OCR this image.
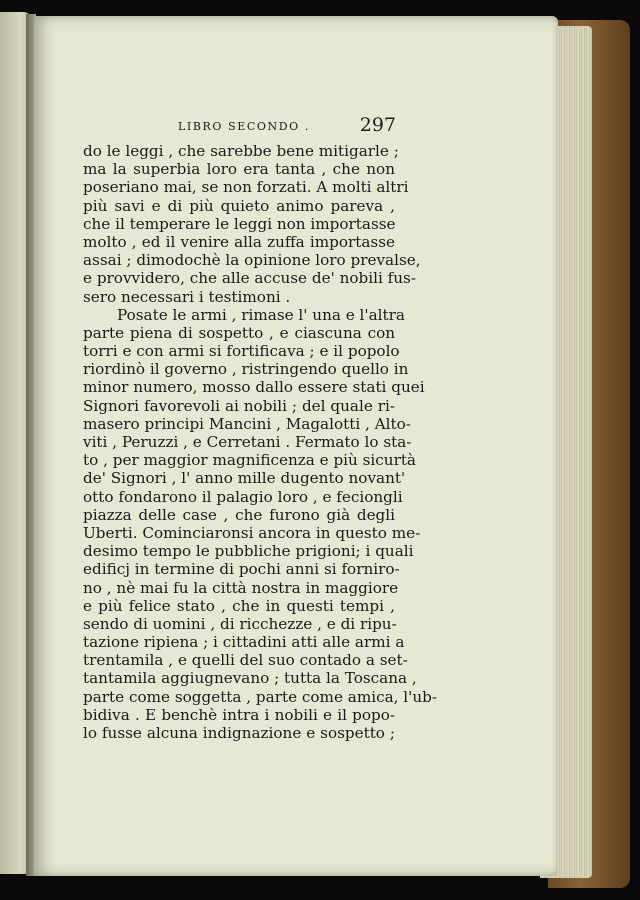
LIBRO SECONDO .	297
do le leggi , che sarebbe bene mitigarle ;
ma la superbia loro era tanta , che non
poseriano mai, se non forzati. A molti altri
più savi e di più quieto animo pareva ,
che il temperare le leggi non importasse
molto , ed il venire alla zuffa importasse
assai ; dimodochè la opinione loro prevalse,
e provvidero, che alle accuse de' nobili fus-
sero necessari i testimoni .
Posate le armi , rimase l' una e l'altra
parte piena di sospetto , e ciascuna con
torri e con armi si fortificava ; e il popolo
riordinò il governo , ristringendo quello in
minor numero, mosso dallo essere stati quei
Signori favorevoli ai nobili ; del quale ri-
masero principi Mancini , Magalotti , Alto-
viti , Peruzzi , e Cerretani . Fermato lo sta-
to , per maggior magnificenza e più sicurtà
de' Signori , l' anno mille dugento novant'
otto fondarono il palagio loro , e feciongli
piazza delle case , che furono già degli
Uberti. Cominciaronsi ancora in questo me-
desimo tempo le pubbliche prigioni; i quali
edificj in termine di pochi anni si forniro-
no , nè mai fu la città nostra in maggiore
e più felice stato , che in questi tempi ,
sendo di uomini , di ricchezze , e di ripu-
tazione ripiena ; i cittadini atti alle armi a
trentamila , e quelli del suo contado a set-
tantamila aggiugnevano ; tutta la Toscana ,
parte come soggetta , parte come amica, l'ub-
bidiva . E benchè intra i nobili e il popo-
lo fusse alcuna indignazione e sospetto ;
